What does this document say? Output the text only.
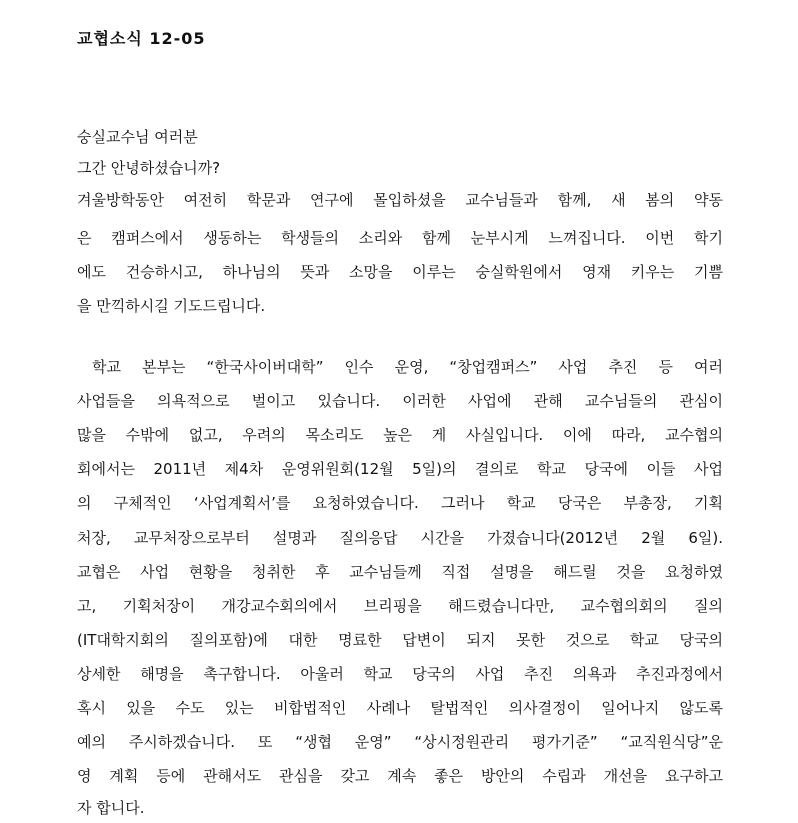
교협소식 12-05
숭실교수님 여러분
그간 안녕하셨습니까?
겨울방학동안 여전히 학문과 연구에 몰입하셨을 교수님들과 함께, 새 봄의 약동
은 캠퍼스에서 생동하는 학생들의 소리와 함께 눈부시게 느껴집니다. 이번 학기
에도 건승하시고, 하나님의 뜻과 소망을 이루는 숭실학원에서 영재 키우는 기쁨
을 만끽하시길 기도드립니다.
학교 본부는 “한국사이버대학” 인수 운영, “창업캠퍼스” 사업 추진 등 여러
사업들을 의욕적으로 벌이고 있습니다. 이러한 사업에 관해 교수님들의 관심이
많을 수밖에 없고, 우려의 목소리도 높은 게 사실입니다. 이에 따라, 교수협의
회에서는 2011년 제4차 운영위원회(12월 5일)의 결의로 학교 당국에 이들 사업
의 구체적인 ‘사업계획서’를 요청하였습니다. 그러나 학교 당국은 부총장, 기획
처장, 교무처장으로부터 설명과 질의응답 시간을 가졌습니다(2012년 2월 6일).
교협은 사업 현황을 청취한 후 교수님들께 직접 설명을 해드릴 것을 요청하였
고, 기획처장이 개강교수회의에서 브리핑을 해드렸습니다만, 교수협의회의 질의
(IT대학지회의 질의포함)에 대한 명료한 답변이 되지 못한 것으로 학교 당국의
상세한 해명을 촉구합니다. 아울러 학교 당국의 사업 추진 의욕과 추진과정에서
혹시 있을 수도 있는 비합법적인 사례나 탈법적인 의사결정이 일어나지 않도록
예의 주시하겠습니다. 또 “생협 운영” “상시정원관리 평가기준” “교직원식당”운
영 계획 등에 관해서도 관심을 갖고 계속 좋은 방안의 수립과 개선을 요구하고
자 합니다.
